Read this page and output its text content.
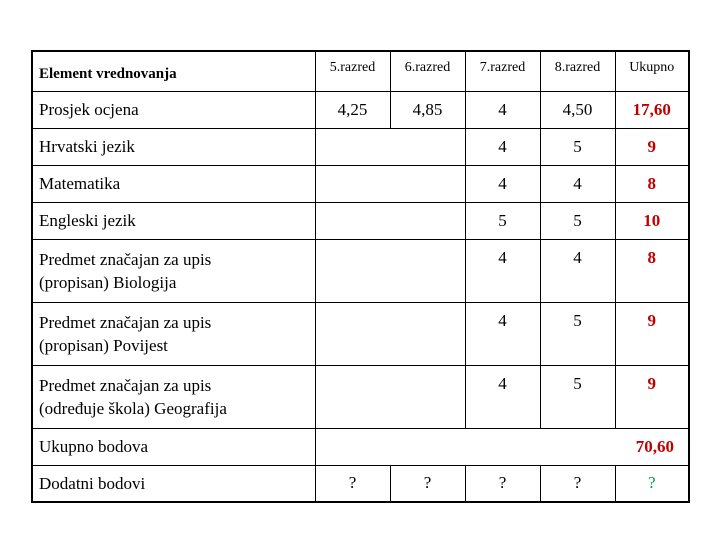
Element vrednovanja	5.razred	6.razred	7.razred	8.razred	Ukupno
Prosjek ocjena	4,25	4,85	4	4,50	17,60
Hrvatski jezik			4	5	9
Matematika			4	4	8
Engleski jezik			5	5	10
Predmet značajan za upis
(propisan) Biologija			4	4	8
Predmet značajan za upis
(propisan) Povijest			4	5	9
Predmet značajan za upis
(određuje škola) Geografija			4	5	9
Ukupno bodova				70,60	
Dodatni bodovi	?	?	?	?	?
